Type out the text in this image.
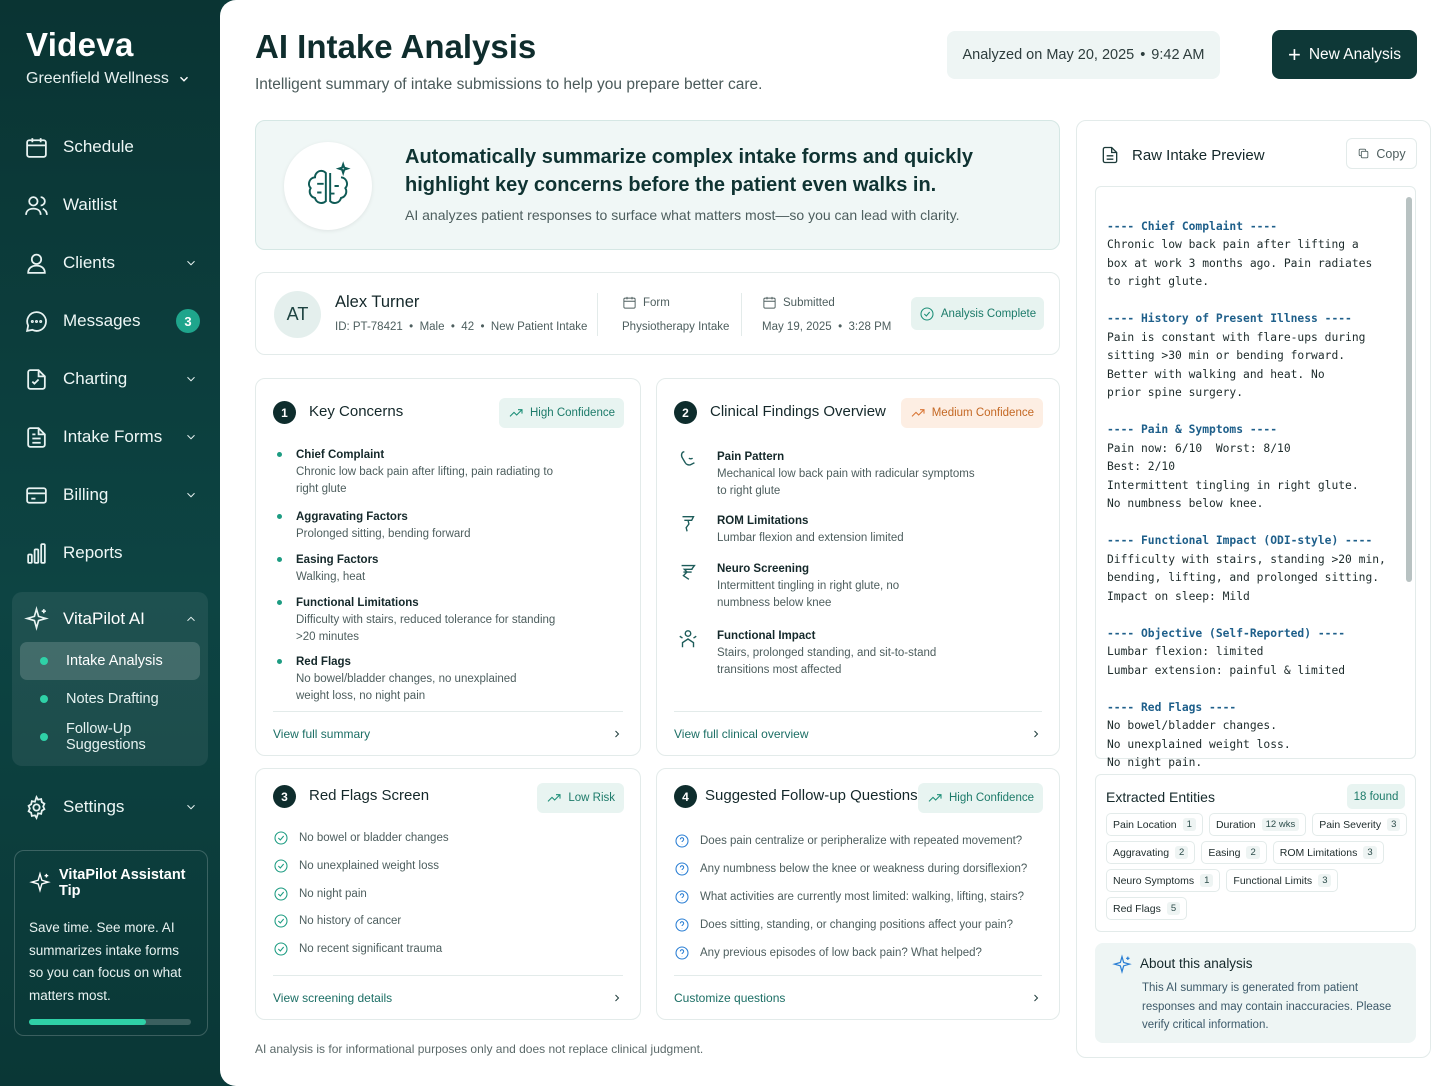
Videva
Greenfield Wellness
Schedule
Waitlist
Clients
Messages	3
Charting
Intake Forms
Billing
Reports
VitaPilot AI
Intake Analysis
Notes Drafting
Follow-Up Suggestions
Settings
VitaPilot Assistant Tip
Save time. See more. AI summarizes intake forms so you can focus on what matters most.
AI Intake Analysis
Intelligent summary of intake submissions to help you prepare better care.
Analyzed on May 20, 2025 • 9:42 AM	+ New Analysis
Automatically summarize complex intake forms and quickly highlight key concerns before the patient even walks in.
AI analyzes patient responses to surface what matters most—so you can lead with clarity.
AT
Alex Turner
ID: PT-78421  •  Male  •  42  •  New Patient Intake
Form
Physiotherapy Intake
Submitted
May 19, 2025  •  3:28 PM
Analysis Complete
1	Key Concerns	High Confidence
Chief Complaint
Chronic low back pain after lifting, pain radiating to right glute
Aggravating Factors
Prolonged sitting, bending forward
Easing Factors
Walking, heat
Functional Limitations
Difficulty with stairs, reduced tolerance for standing >20 minutes
Red Flags
No bowel/bladder changes, no unexplained weight loss, no night pain
View full summary
2	Clinical Findings Overview	Medium Confidence
Pain Pattern
Mechanical low back pain with radicular symptoms to right glute
ROM Limitations
Lumbar flexion and extension limited
Neuro Screening
Intermittent tingling in right glute, no numbness below knee
Functional Impact
Stairs, prolonged standing, and sit-to-stand transitions most affected
View full clinical overview
3	Red Flags Screen	Low Risk
No bowel or bladder changes
No unexplained weight loss
No night pain
No history of cancer
No recent significant trauma
View screening details
4	Suggested Follow-up Questions	High Confidence
Does pain centralize or peripheralize with repeated movement?
Any numbness below the knee or weakness during dorsiflexion?
What activities are currently most limited: walking, lifting, stairs?
Does sitting, standing, or changing positions affect your pain?
Any previous episodes of low back pain? What helped?
Customize questions
AI analysis is for informational purposes only and does not replace clinical judgment.
Raw Intake Preview	Copy
---- Chief Complaint ----
Chronic low back pain after lifting a
box at work 3 months ago. Pain radiates
to right glute.
---- History of Present Illness ----
Pain is constant with flare-ups during
sitting >30 min or bending forward.
Better with walking and heat. No
prior spine surgery.
---- Pain & Symptoms ----
Pain now: 6/10  Worst: 8/10
Best: 2/10
Intermittent tingling in right glute.
No numbness below knee.
---- Functional Impact (ODI-style) ----
Difficulty with stairs, standing >20 min,
bending, lifting, and prolonged sitting.
Impact on sleep: Mild
---- Objective (Self-Reported) ----
Lumbar flexion: limited
Lumbar extension: painful & limited
---- Red Flags ----
No bowel/bladder changes.
No unexplained weight loss.
No night pain.
Extracted Entities	18 found
Pain Location	1	Duration	12 wks	Pain Severity	3
Aggravating	2	Easing	2	ROM Limitations	3
Neuro Symptoms	1	Functional Limits	3
Red Flags	5
About this analysis
This AI summary is generated from patient responses and may contain inaccuracies. Please verify critical information.
